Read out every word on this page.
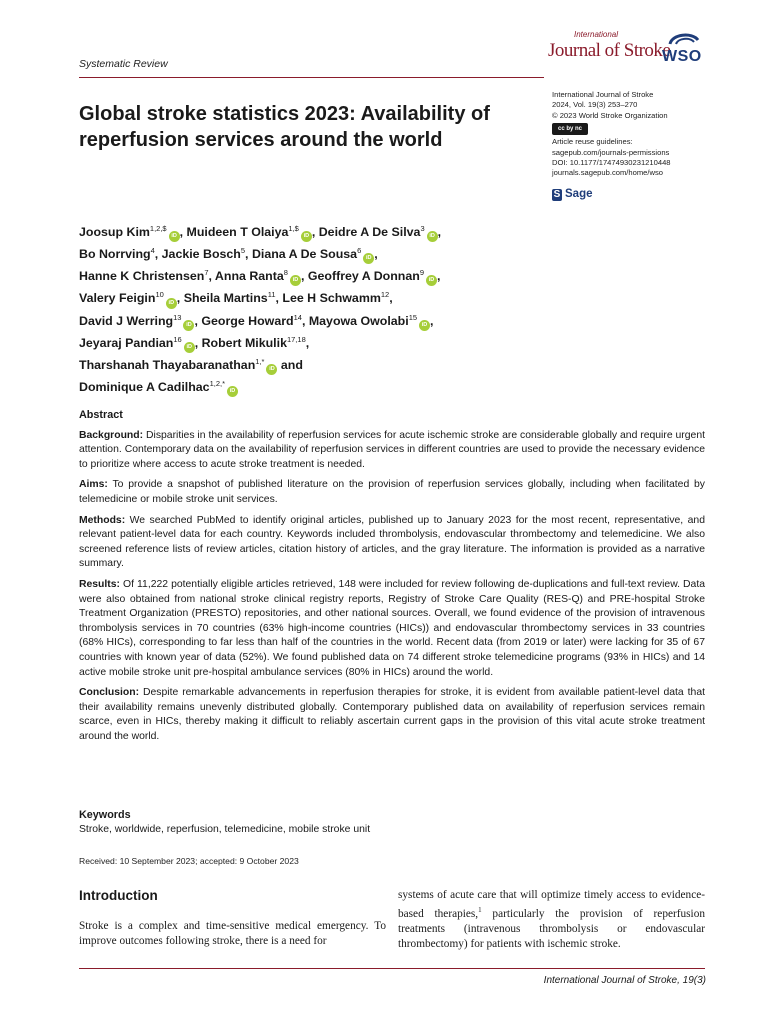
Systematic Review
International
Journal of Stroke
WSO
International Journal of Stroke
2024, Vol. 19(3) 253–270
© 2023 World Stroke Organization
cc by nc
Article reuse guidelines:
sagepub.com/journals-permissions
DOI: 10.1177/17474930231210448
journals.sagepub.com/home/wso
S Sage
Global stroke statistics 2023: Availability of reperfusion services around the world
Joosup Kim$^{1,2,\$}$iD , Muideen T Olaiya$^{1,\$}$iD , Deidre A De Silva$^3$iD ,
Bo Norrving$^4$, Jackie Bosch$^5$, Diana A De Sousa$^6$iD ,
Hanne K Christensen$^7$, Anna Ranta$^8$iD , Geoffrey A Donnan$^9$iD ,
Valery Feigin$^{10}$iD , Sheila Martins$^{11}$, Lee H Schwamm$^{12}$,
David J Werring$^{13}$iD , George Howard$^{14}$, Mayowa Owolabi$^{15}$iD ,
Jeyaraj Pandian$^{16}$iD , Robert Mikulik$^{17,18}$,
Tharshanah Thayabaranathan$^{1,*}$iD and
Dominique A Cadilhac$^{1,2,*}$iD
Abstract

Background: Disparities in the availability of reperfusion services for acute ischemic stroke are considerable globally and require urgent attention. Contemporary data on the availability of reperfusion services in different countries are used to provide the necessary evidence to prioritize where access to acute stroke treatment is needed.

Aims: To provide a snapshot of published literature on the provision of reperfusion services globally, including when facilitated by telemedicine or mobile stroke unit services.

Methods: We searched PubMed to identify original articles, published up to January 2023 for the most recent, representative, and relevant patient-level data for each country. Keywords included thrombolysis, endovascular thrombectomy and telemedicine. We also screened reference lists of review articles, citation history of articles, and the gray literature. The information is provided as a narrative summary.

Results: Of 11,222 potentially eligible articles retrieved, 148 were included for review following de-duplications and full-text review. Data were also obtained from national stroke clinical registry reports, Registry of Stroke Care Quality (RES-Q) and PRE-hospital Stroke Treatment Organization (PRESTO) repositories, and other national sources. Overall, we found evidence of the provision of intravenous thrombolysis services in 70 countries (63% high-income countries (HICs)) and endovascular thrombectomy services in 33 countries (68% HICs), corresponding to far less than half of the countries in the world. Recent data (from 2019 or later) were lacking for 35 of 67 countries with known year of data (52%). We found published data on 74 different stroke telemedicine programs (93% in HICs) and 14 active mobile stroke unit pre-hospital ambulance services (80% in HICs) around the world.

Conclusion: Despite remarkable advancements in reperfusion therapies for stroke, it is evident from available patient-level data that their availability remains unevenly distributed globally. Contemporary published data on availability of reperfusion services remain scarce, even in HICs, thereby making it difficult to reliably ascertain current gaps in the provision of this vital acute stroke treatment around the world.

Keywords
Stroke, worldwide, reperfusion, telemedicine, mobile stroke unit
Received: 10 September 2023; accepted: 9 October 2023
Introduction
Stroke is a complex and time-sensitive medical emergency. To improve outcomes following stroke, there is a need for
systems of acute care that will optimize timely access to evidence-based therapies,$^1$ particularly the provision of reperfusion treatments (intravenous thrombolysis or endovascular thrombectomy) for patients with ischemic stroke.
International Journal of Stroke, 19(3)
